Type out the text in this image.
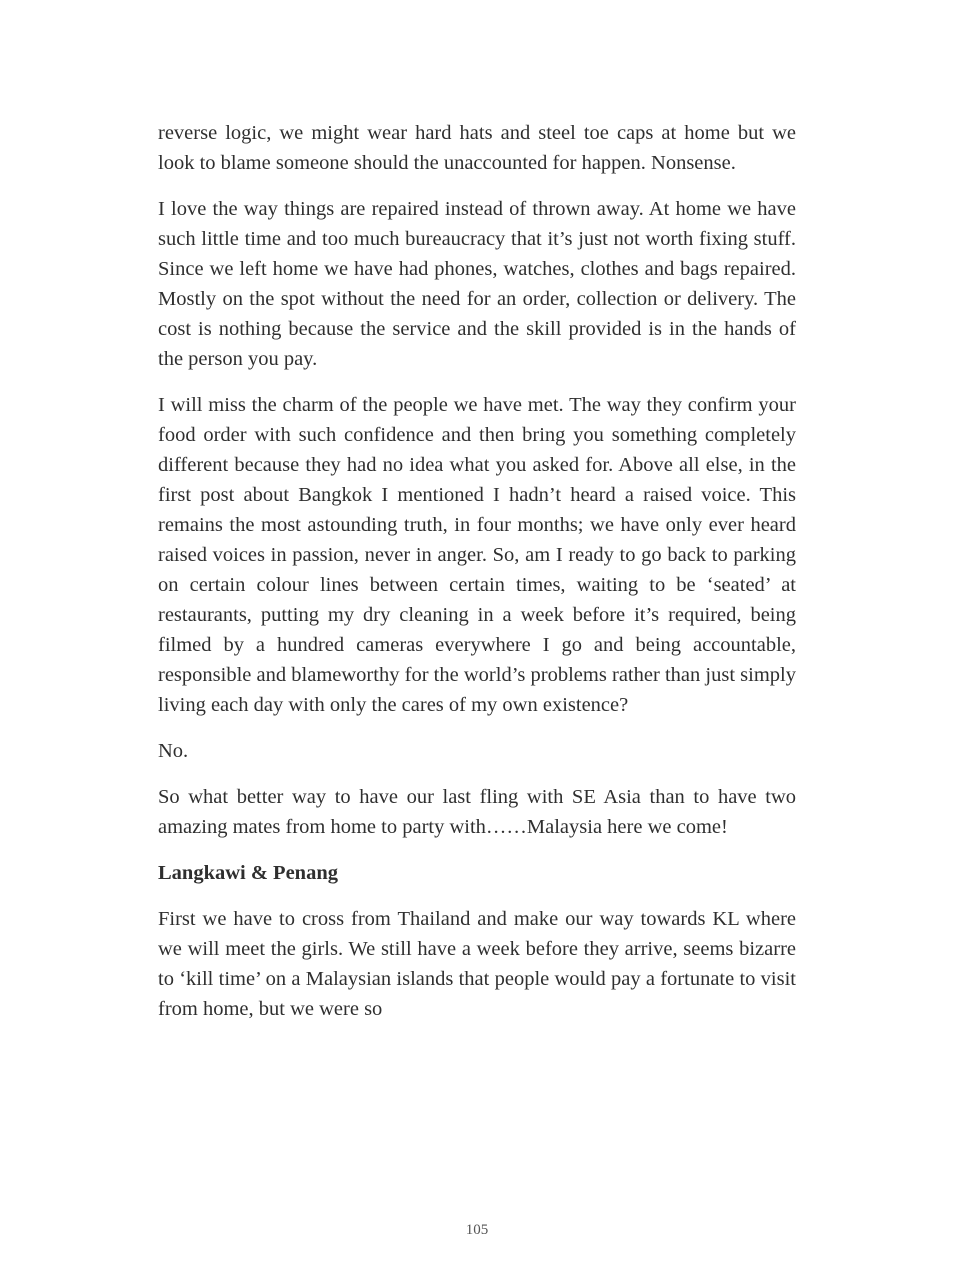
reverse logic, we might wear hard hats and steel toe caps at home but we look to blame someone should the unaccounted for happen. Nonsense.

I love the way things are repaired instead of thrown away. At home we have such little time and too much bureaucracy that it’s just not worth fixing stuff. Since we left home we have had phones, watches, clothes and bags repaired. Mostly on the spot without the need for an order, collection or delivery. The cost is nothing because the service and the skill provided is in the hands of the person you pay.

I will miss the charm of the people we have met. The way they confirm your food order with such confidence and then bring you something completely different because they had no idea what you asked for. Above all else, in the first post about Bangkok I mentioned I hadn’t heard a raised voice. This remains the most astounding truth, in four months; we have only ever heard raised voices in passion, never in anger. So, am I ready to go back to parking on certain colour lines between certain times, waiting to be ‘seated’ at restaurants, putting my dry cleaning in a week before it’s required, being filmed by a hundred cameras everywhere I go and being accountable, responsible and blameworthy for the world’s problems rather than just simply living each day with only the cares of my own existence?

No.

So what better way to have our last fling with SE Asia than to have two amazing mates from home to party with……Malaysia here we come!

Langkawi & Penang

First we have to cross from Thailand and make our way towards KL where we will meet the girls. We still have a week before they arrive, seems bizarre to ‘kill time’ on a Malaysian islands that people would pay a fortunate to visit from home, but we were so

105
